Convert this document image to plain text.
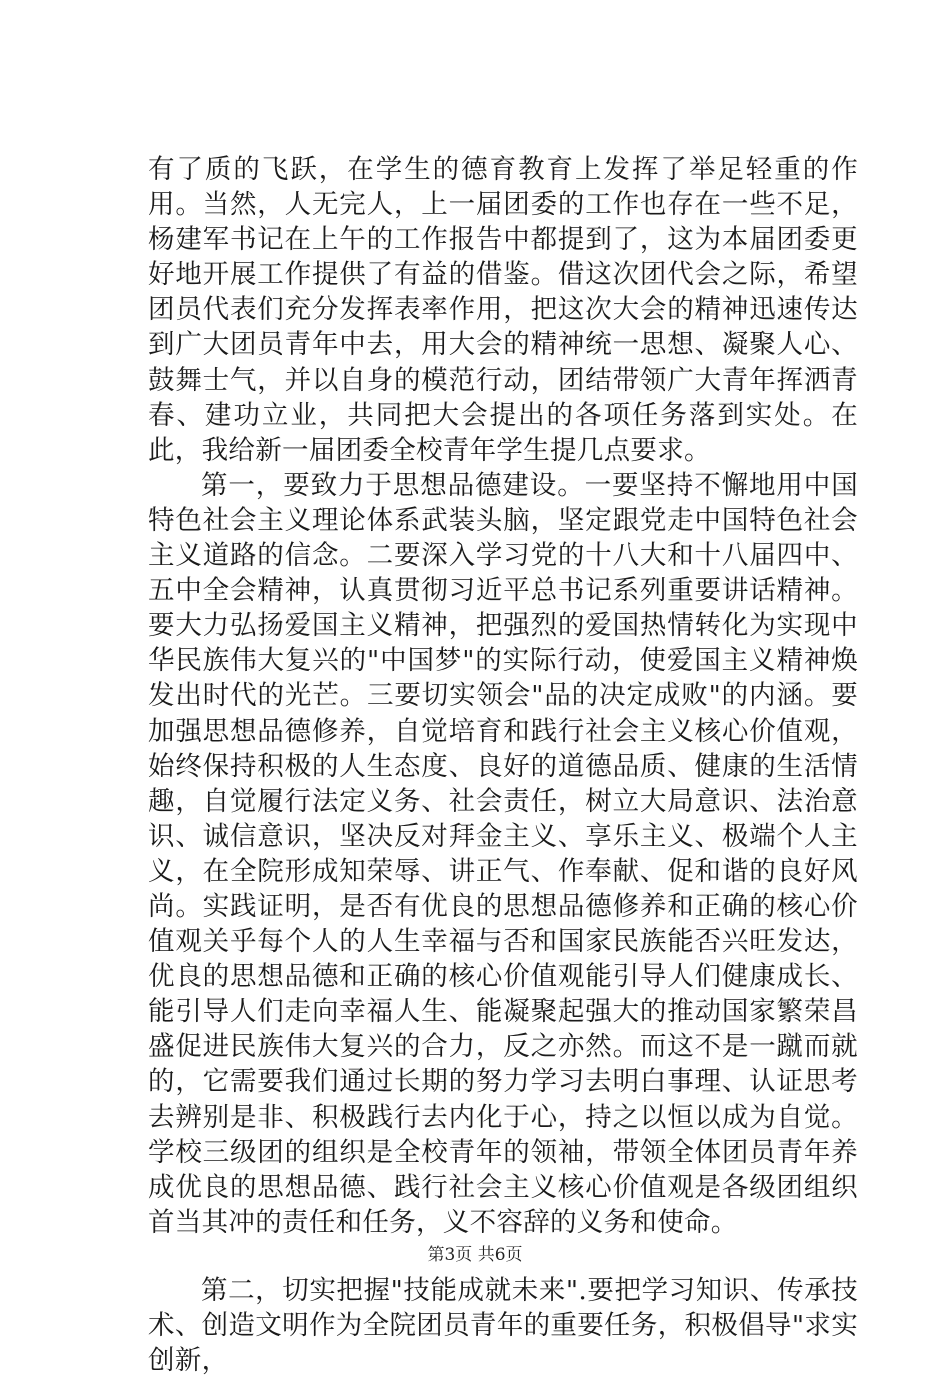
有了质的飞跃，在学生的德育教育上发挥了举足轻重的作用。当然，人无完人，上一届团委的工作也存在一些不足，杨建军书记在上午的工作报告中都提到了，这为本届团委更好地开展工作提供了有益的借鉴。借这次团代会之际，希望团员代表们充分发挥表率作用，把这次大会的精神迅速传达到广大团员青年中去，用大会的精神统一思想、凝聚人心、鼓舞士气，并以自身的模范行动，团结带领广大青年挥洒青春、建功立业，共同把大会提出的各项任务落到实处。在此，我给新一届团委全校青年学生提几点要求。

第一，要致力于思想品德建设。一要坚持不懈地用中国特色社会主义理论体系武装头脑，坚定跟党走中国特色社会主义道路的信念。二要深入学习党的十八大和十八届四中、五中全会精神，认真贯彻习近平总书记系列重要讲话精神。要大力弘扬爱国主义精神，把强烈的爱国热情转化为实现中华民族伟大复兴的"中国梦"的实际行动，使爱国主义精神焕发出时代的光芒。三要切实领会"品的决定成败"的内涵。要加强思想品德修养，自觉培育和践行社会主义核心价值观，始终保持积极的人生态度、良好的道德品质、健康的生活情趣，自觉履行法定义务、社会责任，树立大局意识、法治意识、诚信意识，坚决反对拜金主义、享乐主义、极端个人主义，在全院形成知荣辱、讲正气、作奉献、促和谐的良好风尚。实践证明，是否有优良的思想品德修养和正确的核心价值观关乎每个人的人生幸福与否和国家民族能否兴旺发达，优良的思想品德和正确的核心价值观能引导人们健康成长、能引导人们走向幸福人生、能凝聚起强大的推动国家繁荣昌盛促进民族伟大复兴的合力，反之亦然。而这不是一蹴而就的，它需要我们通过长期的努力学习去明白事理、认证思考去辨别是非、积极践行去内化于心，持之以恒以成为自觉。学校三级团的组织是全校青年的领袖，带领全体团员青年养成优良的思想品德、践行社会主义核心价值观是各级团组织首当其冲的责任和任务，义不容辞的义务和使命。

第二，切实把握"技能成就未来".要把学习知识、传承技术、创造文明作为全院团员青年的重要任务，积极倡导"求实创新，

第3页 共6页
